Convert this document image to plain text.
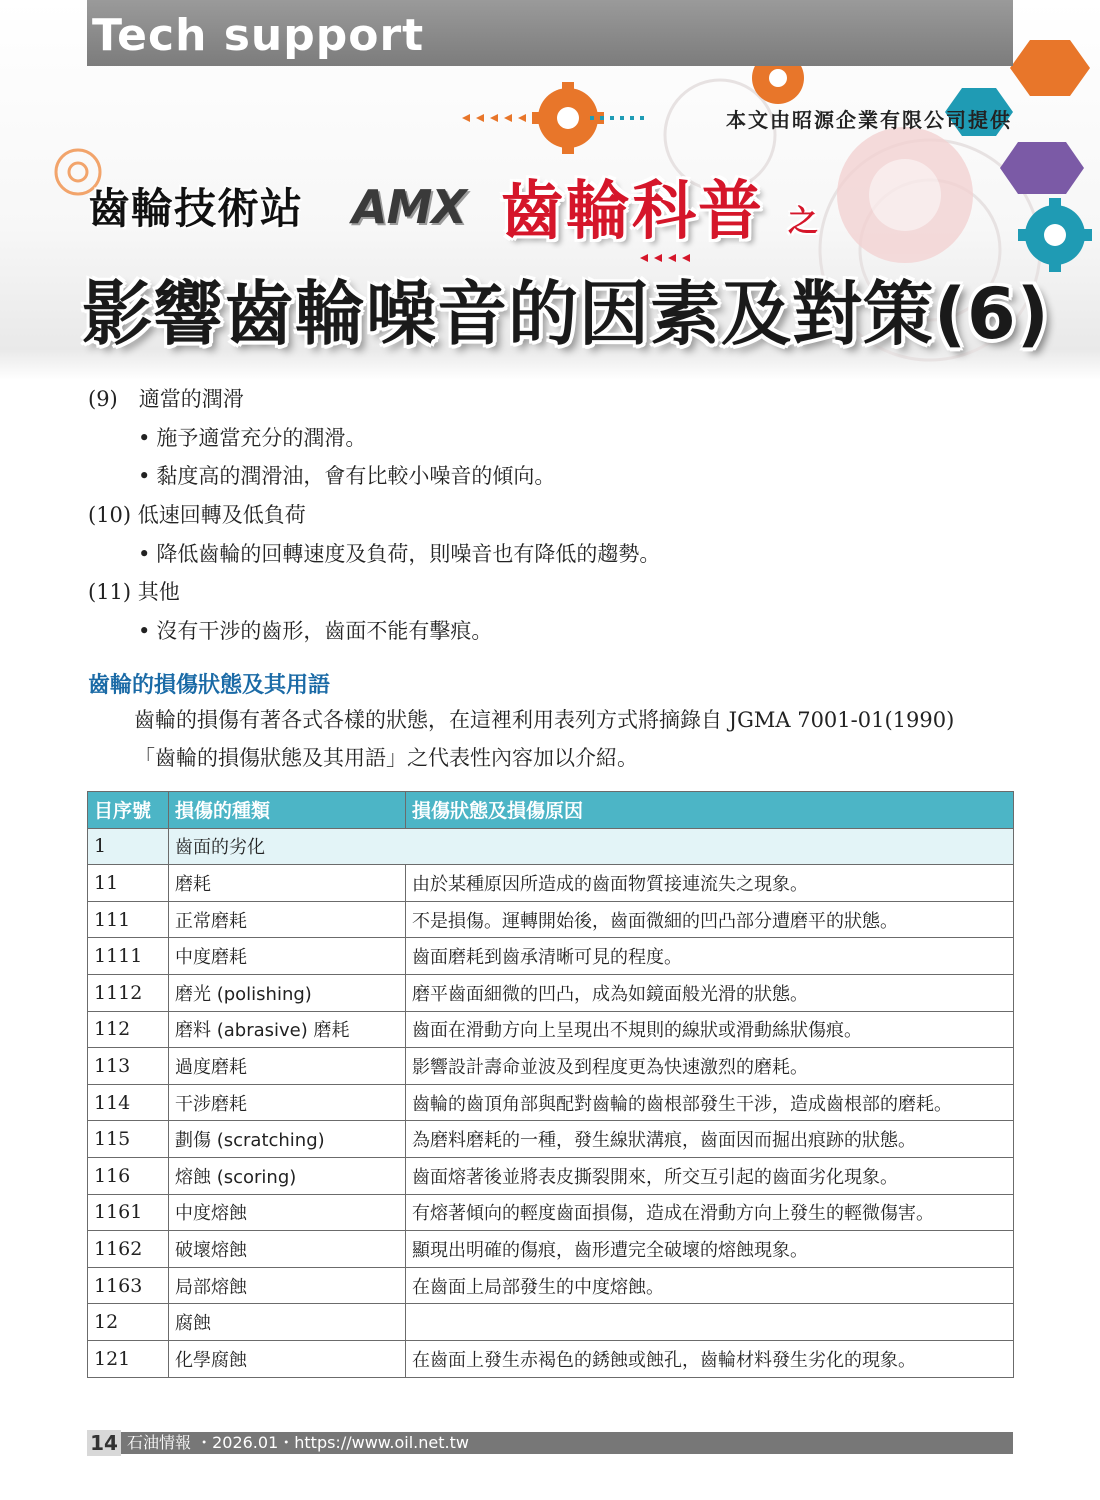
Tech support
本文由昭源企業有限公司提供
齒輪技術站 AMX 齒輪科普 之
影響齒輪噪音的因素及對策(6)
(9)　適當的潤滑
• 施予適當充分的潤滑。
• 黏度高的潤滑油，會有比較小噪音的傾向。
(10) 低速回轉及低負荷
• 降低齒輪的回轉速度及負荷，則噪音也有降低的趨勢。
(11) 其他
• 沒有干涉的齒形，齒面不能有擊痕。
齒輪的損傷狀態及其用語
齒輪的損傷有著各式各樣的狀態，在這裡利用表列方式將摘錄自 JGMA 7001-01(1990)
「齒輪的損傷狀態及其用語」之代表性內容加以介紹。
目序號	損傷的種類	損傷狀態及損傷原因
1	齒面的劣化	
11	磨耗	由於某種原因所造成的齒面物質接連流失之現象。
111	正常磨耗	不是損傷。運轉開始後，齒面微細的凹凸部分遭磨平的狀態。
1111	中度磨耗	齒面磨耗到齒承清晰可見的程度。
1112	磨光 (polishing)	磨平齒面細微的凹凸，成為如鏡面般光滑的狀態。
112	磨料 (abrasive) 磨耗	齒面在滑動方向上呈現出不規則的線狀或滑動絲狀傷痕。
113	過度磨耗	影響設計壽命並波及到程度更為快速激烈的磨耗。
114	干涉磨耗	齒輪的齒頂角部與配對齒輪的齒根部發生干涉，造成齒根部的磨耗。
115	劃傷 (scratching)	為磨料磨耗的一種，發生線狀溝痕，齒面因而掘出痕跡的狀態。
116	熔蝕 (scoring)	齒面熔著後並將表皮撕裂開來，所交互引起的齒面劣化現象。
1161	中度熔蝕	有熔著傾向的輕度齒面損傷，造成在滑動方向上發生的輕微傷害。
1162	破壞熔蝕	顯現出明確的傷痕，齒形遭完全破壞的熔蝕現象。
1163	局部熔蝕	在齒面上局部發生的中度熔蝕。
12	腐蝕	
121	化學腐蝕	在齒面上發生赤褐色的銹蝕或蝕孔，齒輪材料發生劣化的現象。
14 石油情報 ・2026.01・https://www.oil.net.tw
